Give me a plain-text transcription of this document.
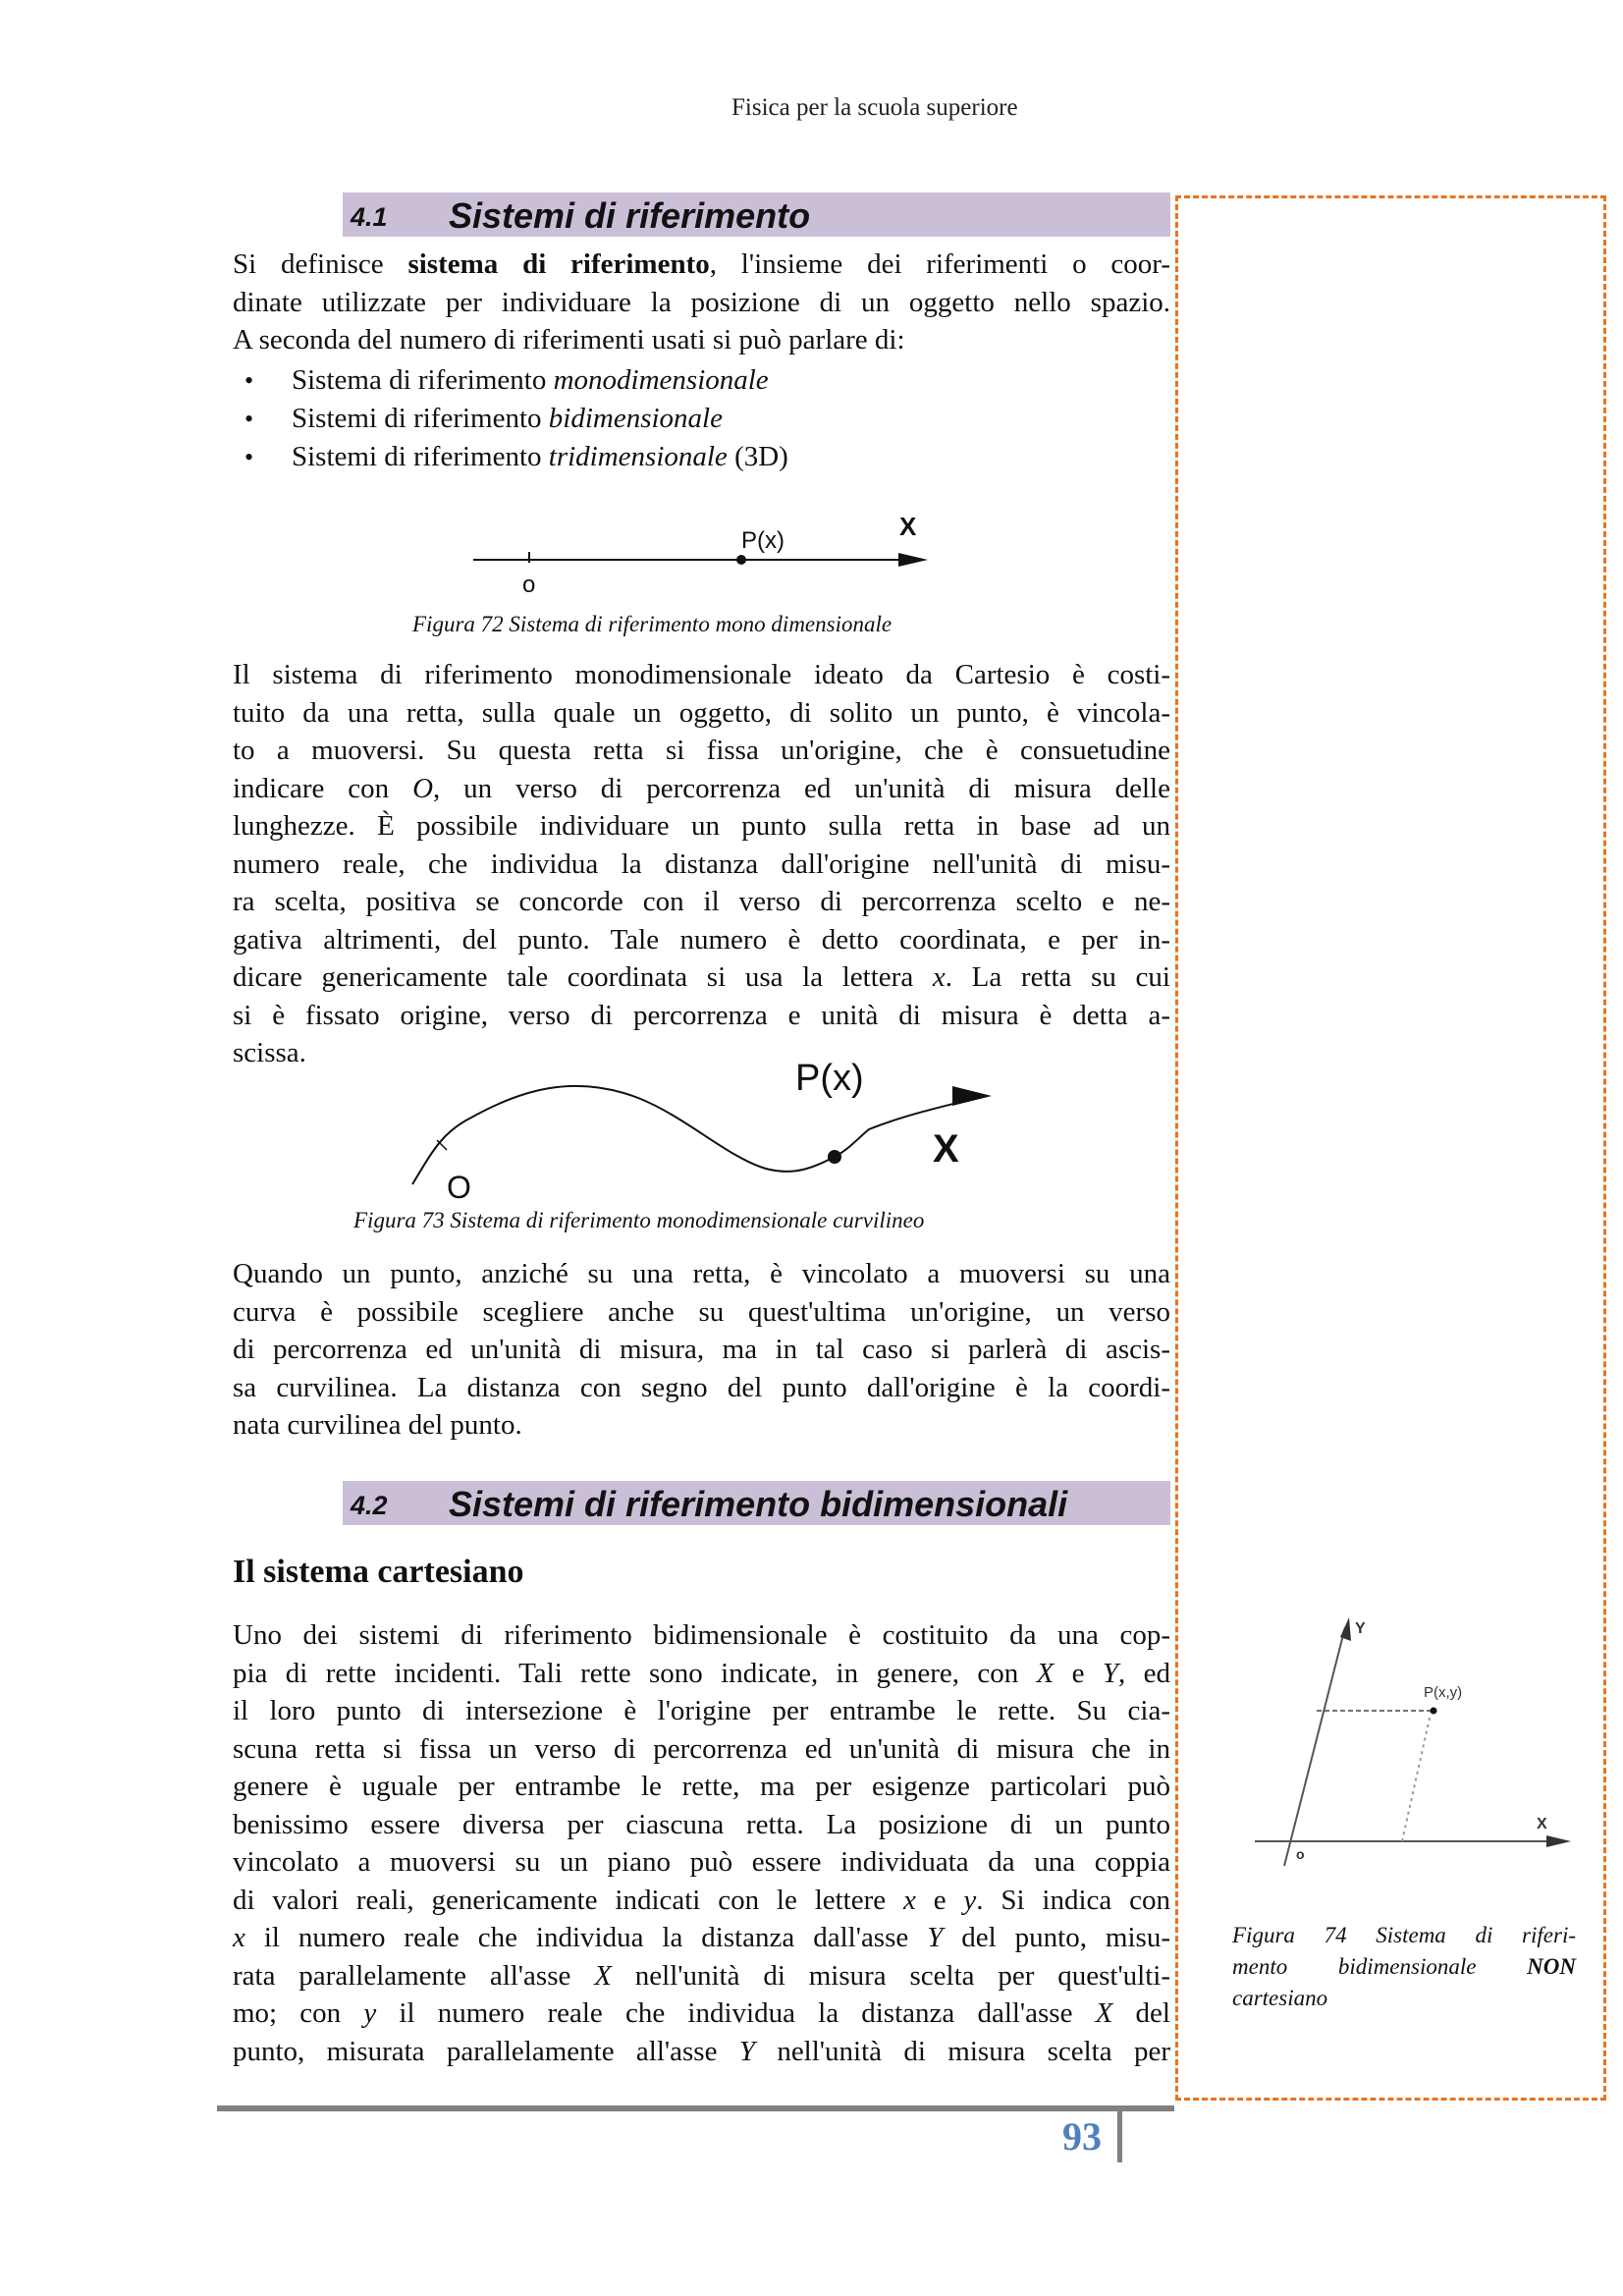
Fisica per la scuola superiore
4.1 Sistemi di riferimento
Si definisce sistema di riferimento, l'insieme dei riferimenti o coor-
dinate utilizzate per individuare la posizione di un oggetto nello spazio.
A seconda del numero di riferimenti usati si può parlare di:
• Sistema di riferimento monodimensionale
• Sistemi di riferimento bidimensionale
• Sistemi di riferimento tridimensionale (3D)
o
P(x)	X
Figura 72 Sistema di riferimento mono dimensionale
Il sistema di riferimento monodimensionale ideato da Cartesio è costi-
tuito da una retta, sulla quale un oggetto, di solito un punto, è vincola-
to a muoversi. Su questa retta si fissa un'origine, che è consuetudine
indicare con O, un verso di percorrenza ed un'unità di misura delle
lunghezze. È possibile individuare un punto sulla retta in base ad un
numero reale, che individua la distanza dall'origine nell'unità di misu-
ra scelta, positiva se concorde con il verso di percorrenza scelto e ne-
gativa altrimenti, del punto. Tale numero è detto coordinata, e per in-
dicare genericamente tale coordinata si usa la lettera x. La retta su cui
si è fissato origine, verso di percorrenza e unità di misura è detta a-
scissa.
O
P(x)
X
Figura 73 Sistema di riferimento monodimensionale curvilineo
Quando un punto, anziché su una retta, è vincolato a muoversi su una
curva è possibile scegliere anche su quest'ultima un'origine, un verso
di percorrenza ed un'unità di misura, ma in tal caso si parlerà di ascis-
sa curvilinea. La distanza con segno del punto dall'origine è la coordi-
nata curvilinea del punto.
4.2 Sistemi di riferimento bidimensionali
Il sistema cartesiano
Uno dei sistemi di riferimento bidimensionale è costituito da una cop-
pia di rette incidenti. Tali rette sono indicate, in genere, con X e Y, ed
il loro punto di intersezione è l'origine per entrambe le rette. Su cia-
scuna retta si fissa un verso di percorrenza ed un'unità di misura che in
genere è uguale per entrambe le rette, ma per esigenze particolari può
benissimo essere diversa per ciascuna retta. La posizione di un punto
vincolato a muoversi su un piano può essere individuata da una coppia
di valori reali, genericamente indicati con le lettere x e y. Si indica con
x il numero reale che individua la distanza dall'asse Y del punto, misu-
rata parallelamente all'asse X nell'unità di misura scelta per quest'ulti-
mo; con y il numero reale che individua la distanza dall'asse X del
punto, misurata parallelamente all'asse Y nell'unità di misura scelta per
Y
X
o
P(x,y)
Figura 74 Sistema di riferi-
mento bidimensionale NON
cartesiano
93
